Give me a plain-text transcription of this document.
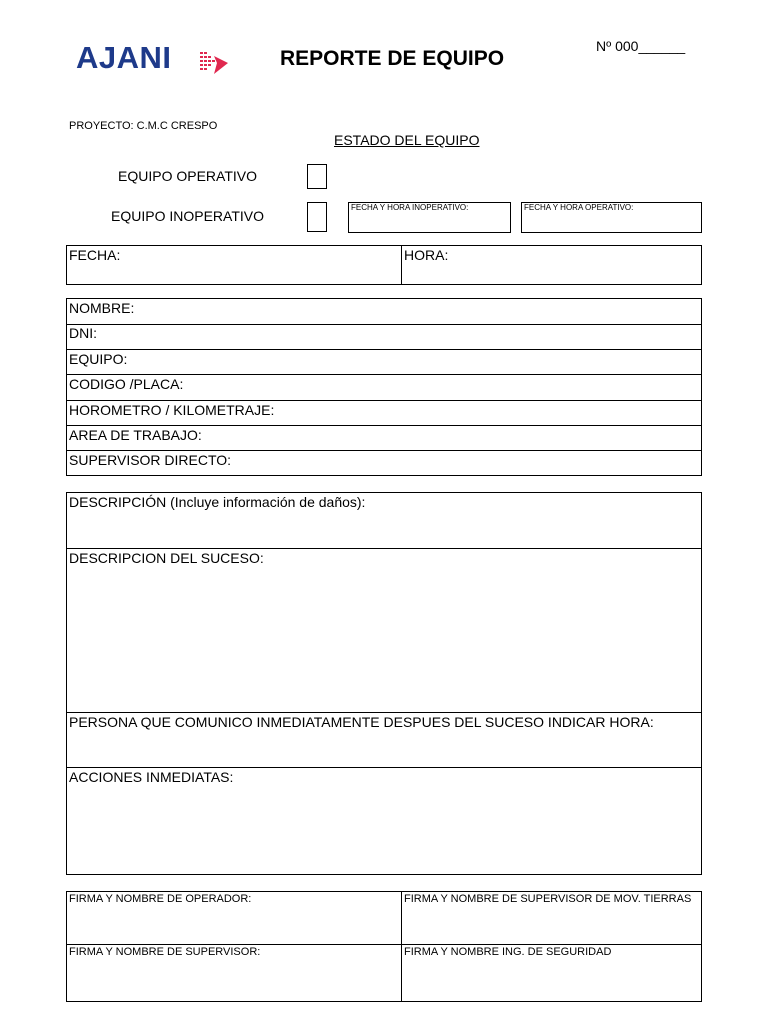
AJANI	REPORTE DE EQUIPO
Nº 000______
PROYECTO: C.M.C CRESPO
ESTADO DEL EQUIPO
EQUIPO OPERATIVO
EQUIPO INOPERATIVO
FECHA Y HORA INOPERATIVO:	FECHA Y HORA OPERATIVO:
FECHA:	HORA:
NOMBRE:
DNI:
EQUIPO:
CODIGO /PLACA:
HOROMETRO / KILOMETRAJE:
AREA DE TRABAJO:
SUPERVISOR DIRECTO:
DESCRIPCIÓN (Incluye información de daños):
DESCRIPCION DEL SUCESO:
PERSONA QUE COMUNICO INMEDIATAMENTE DESPUES DEL SUCESO INDICAR HORA:
ACCIONES INMEDIATAS:
FIRMA Y NOMBRE DE OPERADOR:	FIRMA Y NOMBRE DE SUPERVISOR DE MOV. TIERRAS
FIRMA Y NOMBRE DE SUPERVISOR:	FIRMA Y NOMBRE ING. DE SEGURIDAD
